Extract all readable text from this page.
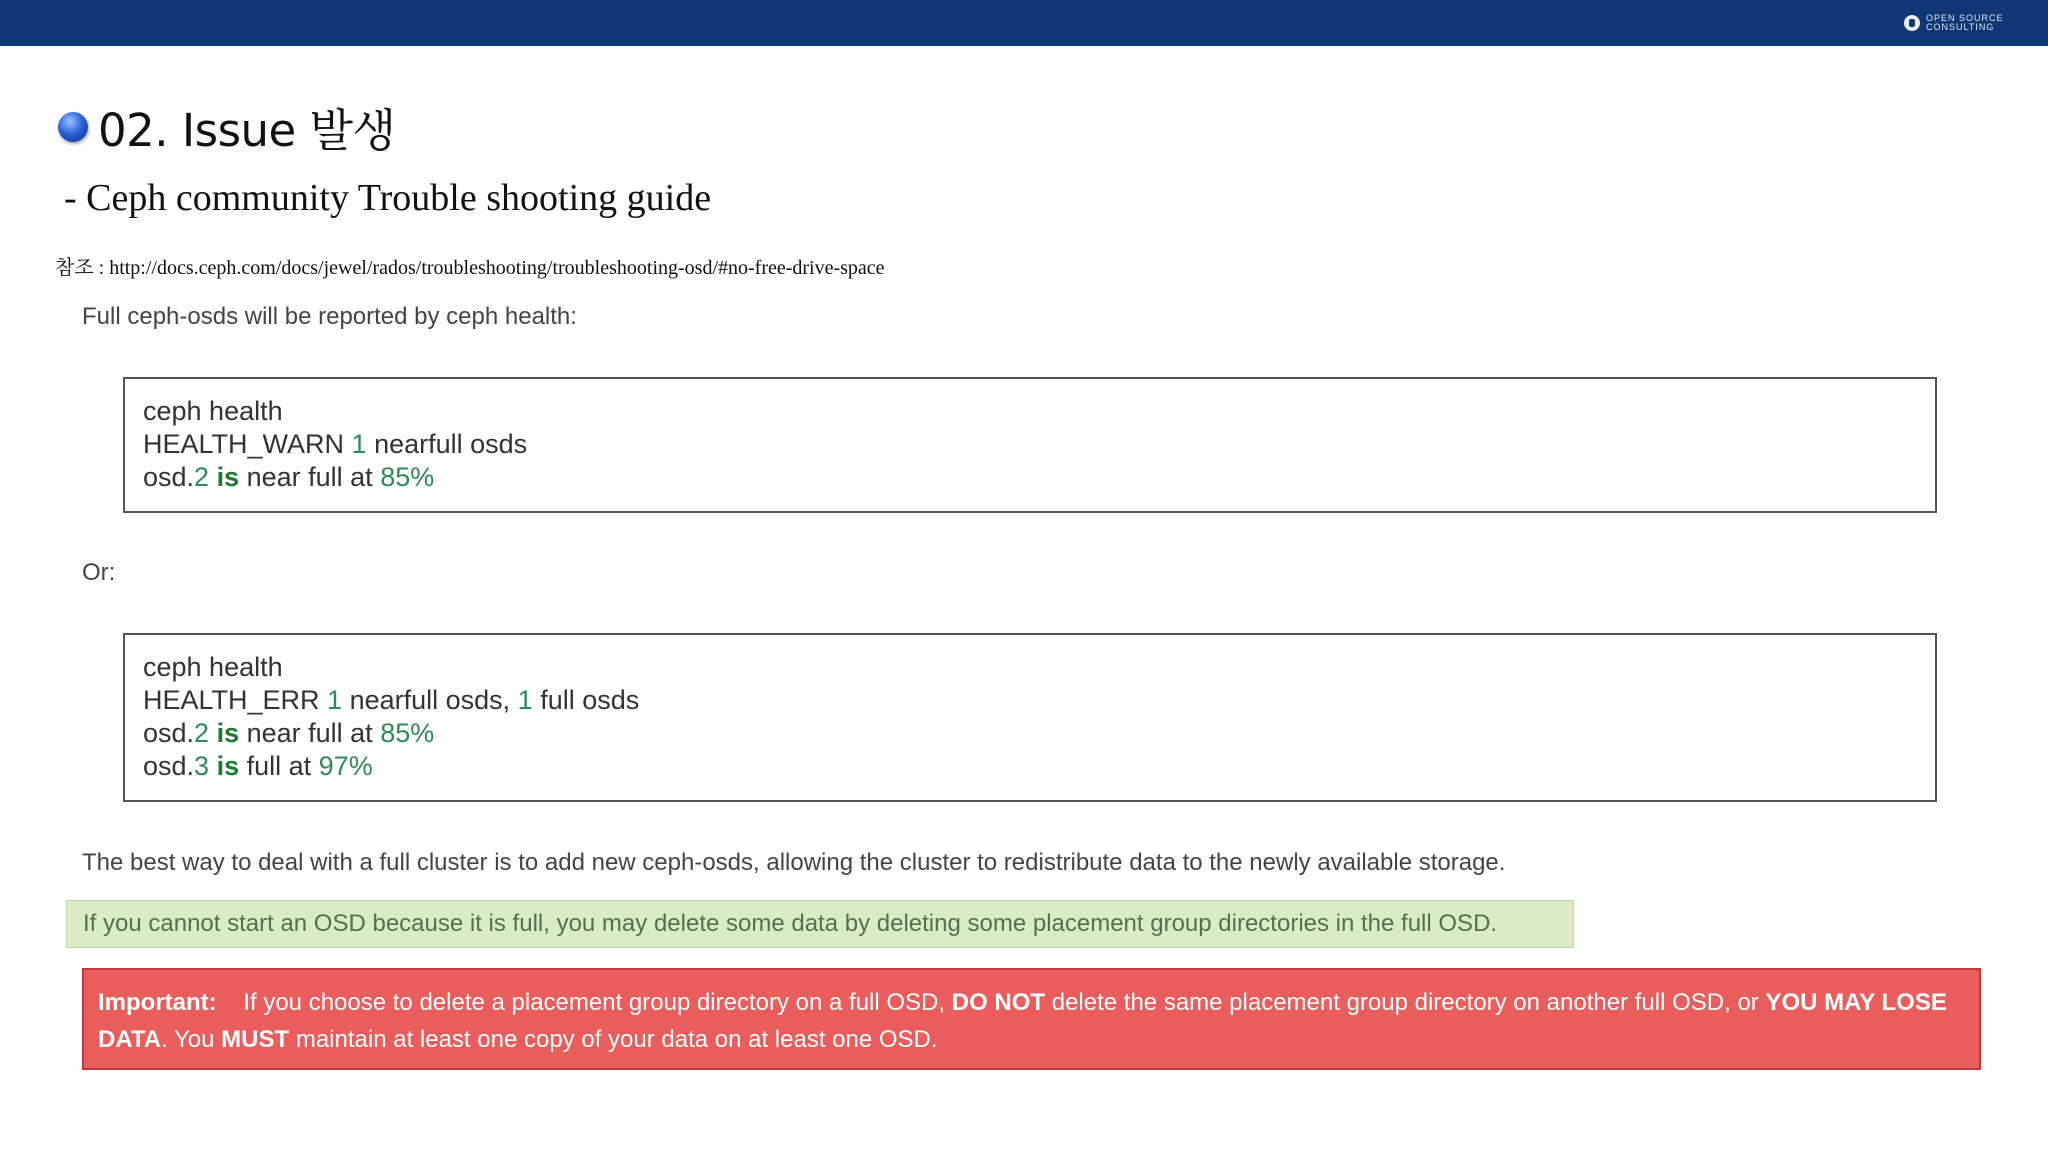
OPEN SOURCE CONSULTING
02. Issue 발생
- Ceph community Trouble shooting guide
참조 : http://docs.ceph.com/docs/jewel/rados/troubleshooting/troubleshooting-osd/#no-free-drive-space
Full ceph-osds will be reported by ceph health:
ceph health
HEALTH_WARN 1 nearfull osds
osd.2 is near full at 85%
Or:
ceph health
HEALTH_ERR 1 nearfull osds, 1 full osds
osd.2 is near full at 85%
osd.3 is full at 97%
The best way to deal with a full cluster is to add new ceph-osds, allowing the cluster to redistribute data to the newly available storage.
If you cannot start an OSD because it is full, you may delete some data by deleting some placement group directories in the full OSD.
Important: If you choose to delete a placement group directory on a full OSD, DO NOT delete the same placement group directory on another full OSD, or YOU MAY LOSE DATA. You MUST maintain at least one copy of your data on at least one OSD.
